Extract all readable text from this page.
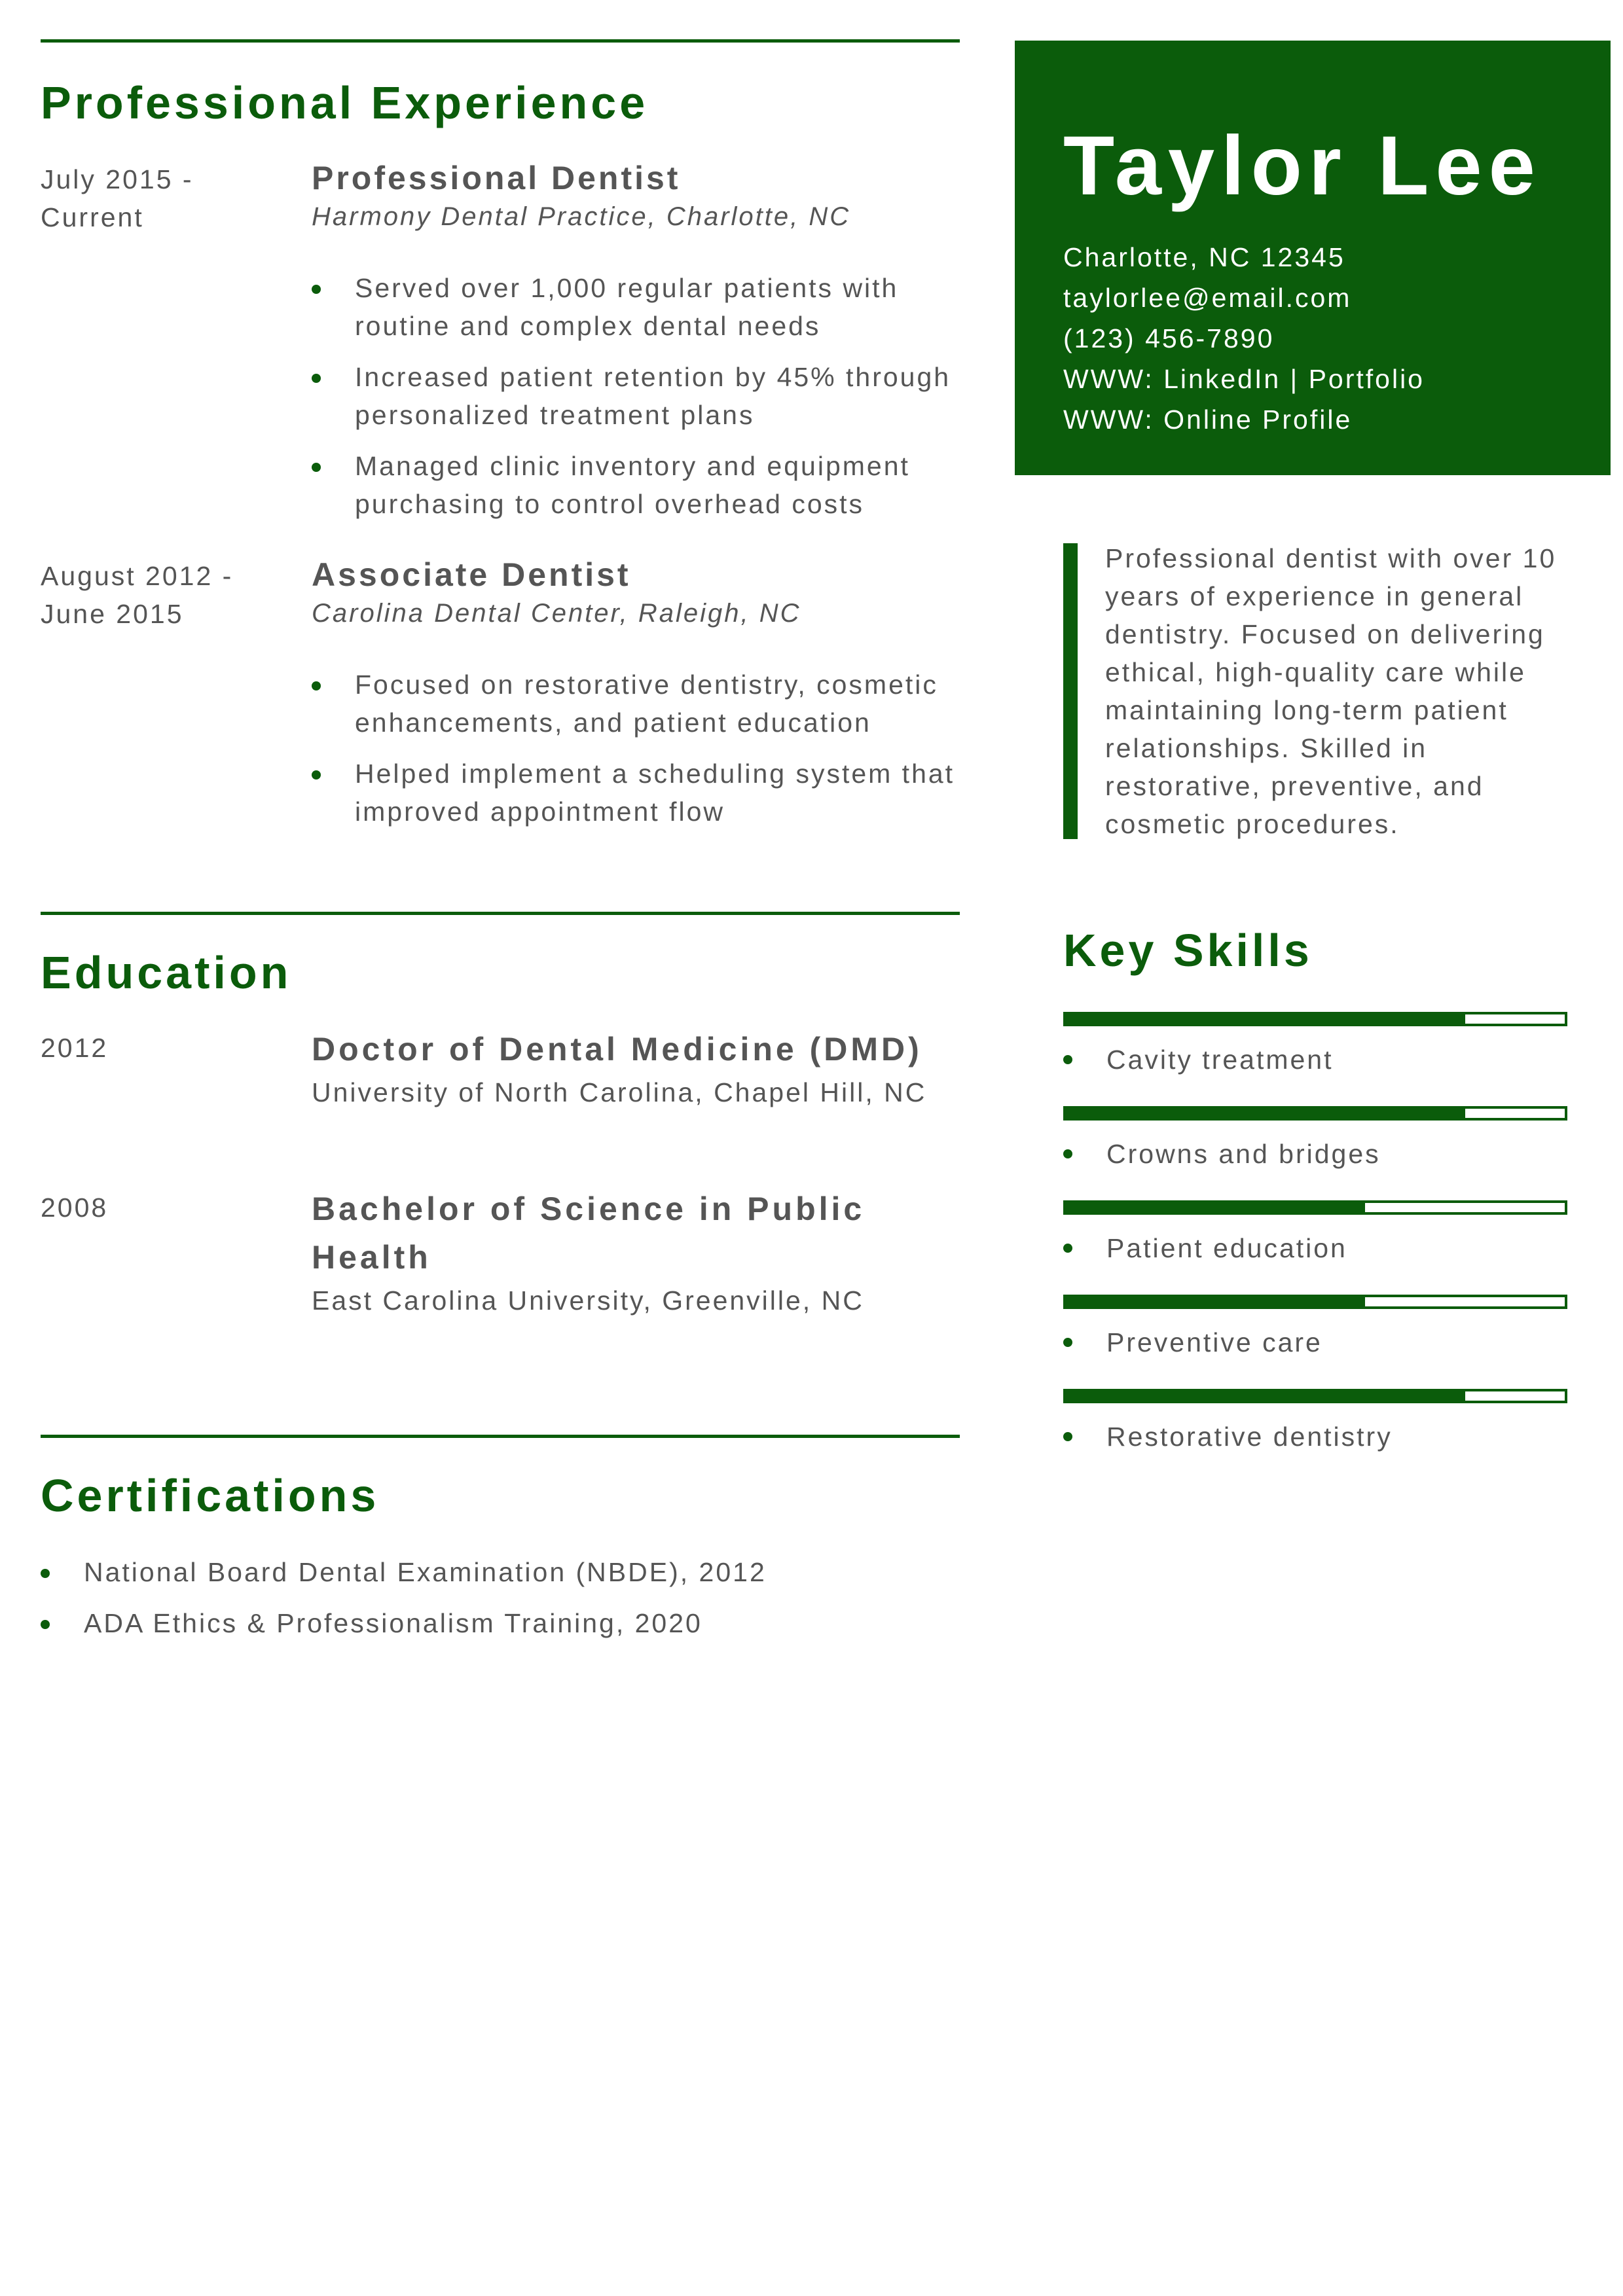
Professional Experience
July 2015 -
Current
Professional Dentist
Harmony Dental Practice, Charlotte, NC
Served over 1,000 regular patients with routine and complex dental needs
Increased patient retention by 45% through personalized treatment plans
Managed clinic inventory and equipment purchasing to control overhead costs
August 2012 -
June 2015
Associate Dentist
Carolina Dental Center, Raleigh, NC
Focused on restorative dentistry, cosmetic enhancements, and patient education
Helped implement a scheduling system that improved appointment flow
Education
2012	Doctor of Dental Medicine (DMD)
University of North Carolina, Chapel Hill, NC
2008	Bachelor of Science in Public Health
East Carolina University, Greenville, NC
Certifications
National Board Dental Examination (NBDE), 2012
ADA Ethics & Professionalism Training, 2020
Taylor Lee
Charlotte, NC 12345
taylorlee@email.com
(123) 456-7890
WWW: LinkedIn | Portfolio
WWW: Online Profile
Professional dentist with over 10 years of experience in general dentistry. Focused on delivering ethical, high-quality care while maintaining long-term patient relationships. Skilled in restorative, preventive, and cosmetic procedures.
Key Skills
Cavity treatment
Crowns and bridges
Patient education
Preventive care
Restorative dentistry
